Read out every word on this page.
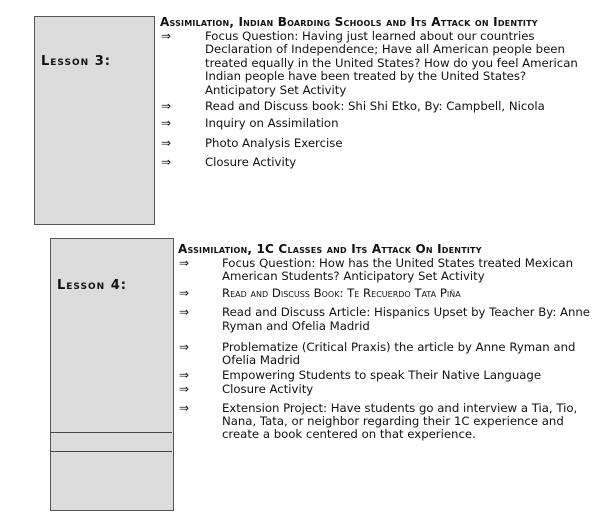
Lesson 3:
Assimilation, Indian Boarding Schools and Its Attack on Identity
⇒	Focus Question: Having just learned about our countries Declaration of Independence; Have all American people been treated equally in the United States? How do you feel American Indian people have been treated by the United States? Anticipatory Set Activity
⇒	Read and Discuss book: Shi Shi Etko, By: Campbell, Nicola
⇒	Inquiry on Assimilation
⇒	Photo Analysis Exercise
⇒	Closure Activity
Lesson 4:
Assimilation, 1C Classes and Its Attack On Identity
⇒	Focus Question: How has the United States treated Mexican American Students? Anticipatory Set Activity
⇒	Read and Discuss Book: Te Recuerdo Tata Piña
⇒	Read and Discuss Article: Hispanics Upset by Teacher By: Anne Ryman and Ofelia Madrid
⇒	Problematize (Critical Praxis) the article by Anne Ryman and Ofelia Madrid
⇒	Empowering Students to speak Their Native Language
⇒	Closure Activity
⇒	Extension Project: Have students go and interview a Tia, Tio, Nana, Tata, or neighbor regarding their 1C experience and create a book centered on that experience.
